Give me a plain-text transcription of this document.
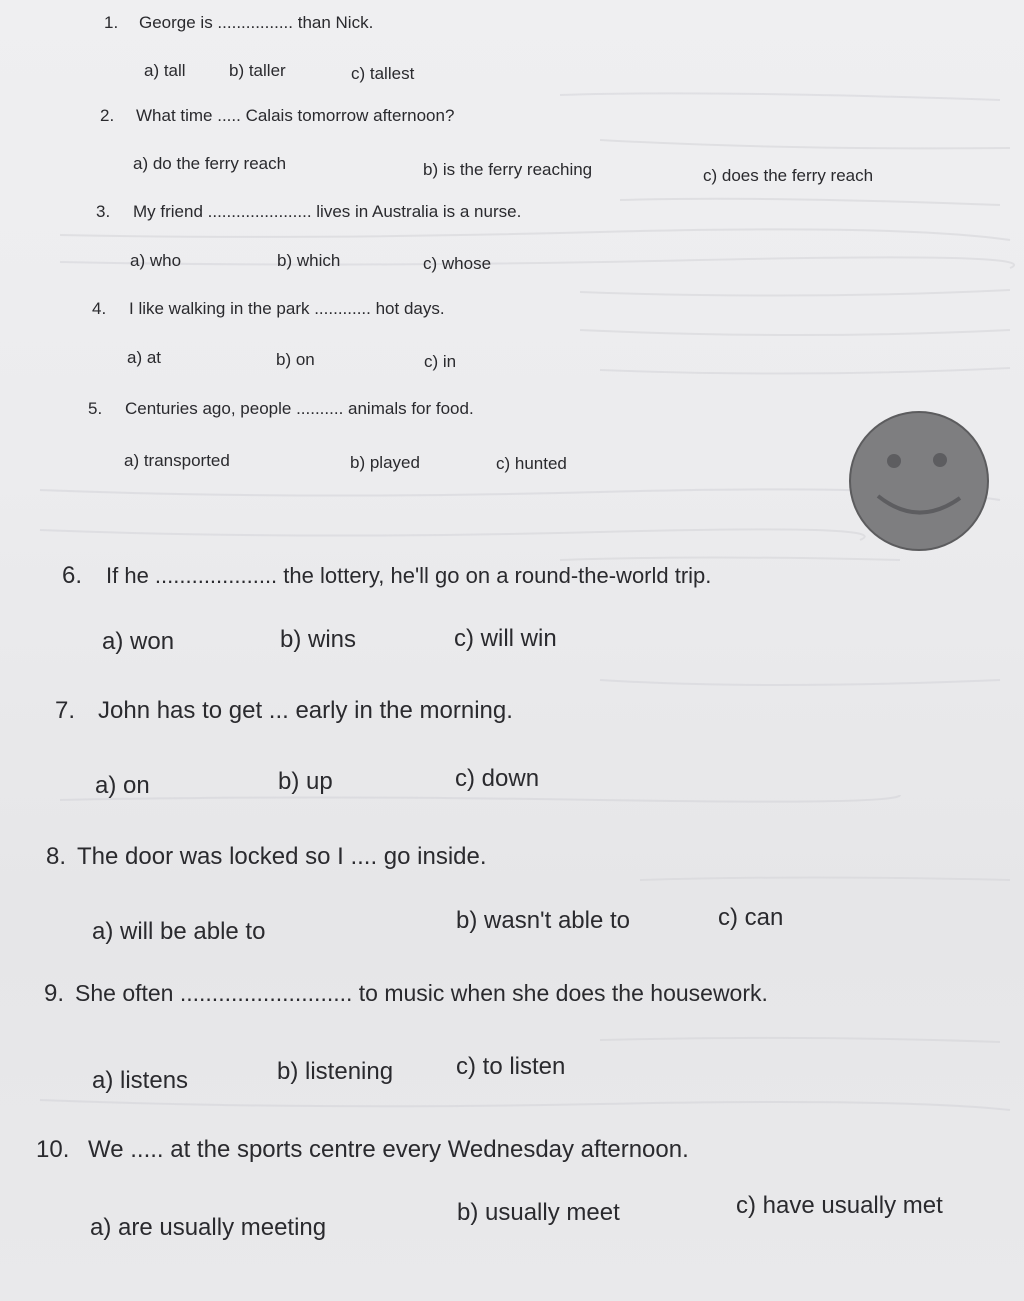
1. George is ................ than Nick.
a) tall	b) taller	c) tallest
2. What time ..... Calais tomorrow afternoon?
a) do the ferry reach	b) is the ferry reaching	c) does the ferry reach
3. My friend ...................... lives in Australia is a nurse.
a) who	b) which	c) whose
4. I like walking in the park ............ hot days.
a) at	b) on	c) in
5. Centuries ago, people .......... animals for food.
a) transported	b) played	c) hunted
6. If he .................... the lottery, he'll go on a round-the-world trip.
a) won	b) wins	c) will win
7. John has to get ... early in the morning.
a) on	b) up	c) down
8. The door was locked so I .... go inside.
a) will be able to	b) wasn't able to	c) can
9. She often ........................... to music when she does the housework.
a) listens	b) listening	c) to listen
10. We ..... at the sports centre every Wednesday afternoon.
a) are usually meeting
b) usually meet	c) have usually met
